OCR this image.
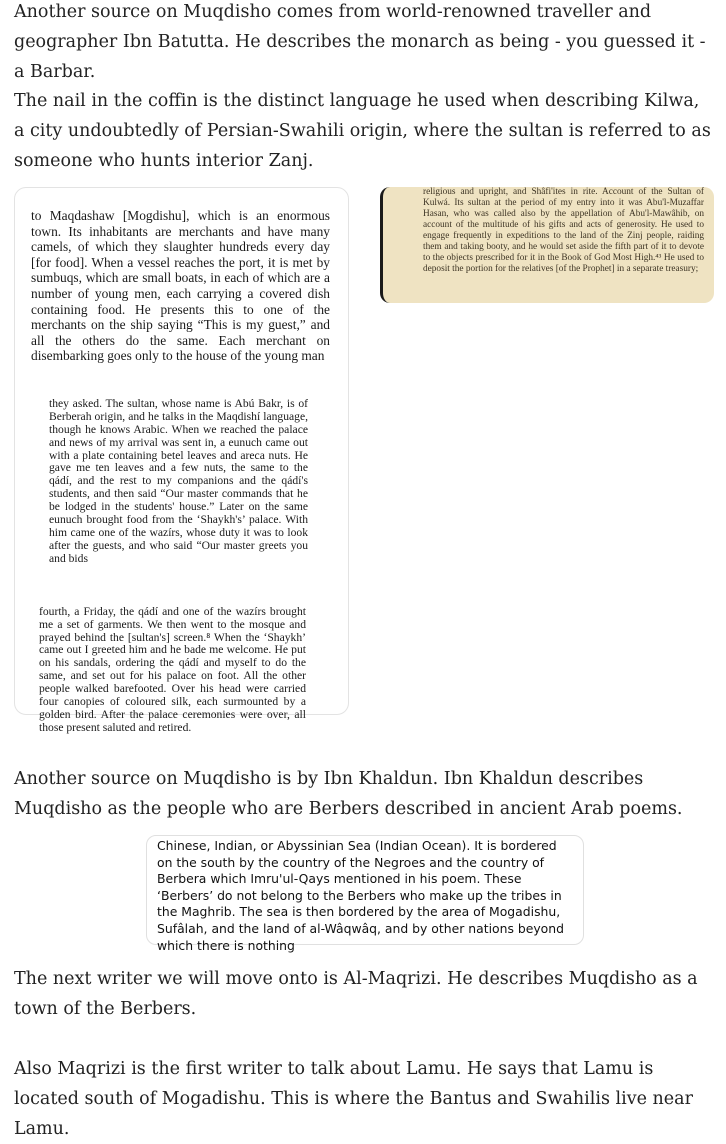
Another source on Muqdisho comes from world-renowned traveller and geographer Ibn Batutta. He describes the monarch as being - you guessed it - a Barbar.

The nail in the coffin is the distinct language he used when describing Kilwa, a city undoubtedly of Persian-Swahili origin, where the sultan is referred to as someone who hunts interior Zanj.

to Maqdashaw [Mogdishu], which is an enormous town. Its inhabitants are merchants and have many camels, of which they slaughter hundreds every day [for food]. When a vessel reaches the port, it is met by sumbuqs, which are small boats, in each of which are a number of young men, each carrying a covered dish containing food. He presents this to one of the merchants on the ship saying “This is my guest,” and all the others do the same. Each merchant on disembarking goes only to the house of the young man

they asked. The sultan, whose name is Abú Bakr, is of Berberah origin, and he talks in the Maqdishí language, though he knows Arabic. When we reached the palace and news of my arrival was sent in, a eunuch came out with a plate containing betel leaves and areca nuts. He gave me ten leaves and a few nuts, the same to the qádí, and the rest to my companions and the qádí's students, and then said “Our master commands that he be lodged in the students' house.” Later on the same eunuch brought food from the ‘Shaykh's’ palace. With him came one of the wazírs, whose duty it was to look after the guests, and who said “Our master greets you and bids

fourth, a Friday, the qádí and one of the wazírs brought me a set of garments. We then went to the mosque and prayed behind the [sultan's] screen.⁸ When the ‘Shaykh’ came out I greeted him and he bade me welcome. He put on his sandals, ordering the qádí and myself to do the same, and set out for his palace on foot. All the other people walked barefooted. Over his head were carried four canopies of coloured silk, each surmounted by a golden bird. After the palace ceremonies were over, all those present saluted and retired.

religious and upright, and Shâfi'ites in rite. Account of the Sultan of Kulwá. Its sultan at the period of my entry into it was Abu'l-Muzaffar Hasan, who was called also by the appellation of Abu'l-Mawâhib, on account of the multitude of his gifts and acts of generosity. He used to engage frequently in expeditions to the land of the Zinj people, raiding them and taking booty, and he would set aside the fifth part of it to devote to the objects prescribed for it in the Book of God Most High.⁴³ He used to deposit the portion for the relatives [of the Prophet] in a separate treasury;

Another source on Muqdisho is by Ibn Khaldun. Ibn Khaldun describes Muqdisho as the people who are Berbers described in ancient Arab poems.

Chinese, Indian, or Abyssinian Sea (Indian Ocean). It is bordered on the south by the country of the Negroes and the country of Berbera which Imru'ul-Qays mentioned in his poem. These ‘Berbers’ do not belong to the Berbers who make up the tribes in the Maghrib. The sea is then bordered by the area of Mogadishu, Sufâlah, and the land of al-Wâqwâq, and by other nations beyond which there is nothing

The next writer we will move onto is Al-Maqrizi. He describes Muqdisho as a town of the Berbers.

Also Maqrizi is the first writer to talk about Lamu. He says that Lamu is located south of Mogadishu. This is where the Bantus and Swahilis live near Lamu.
